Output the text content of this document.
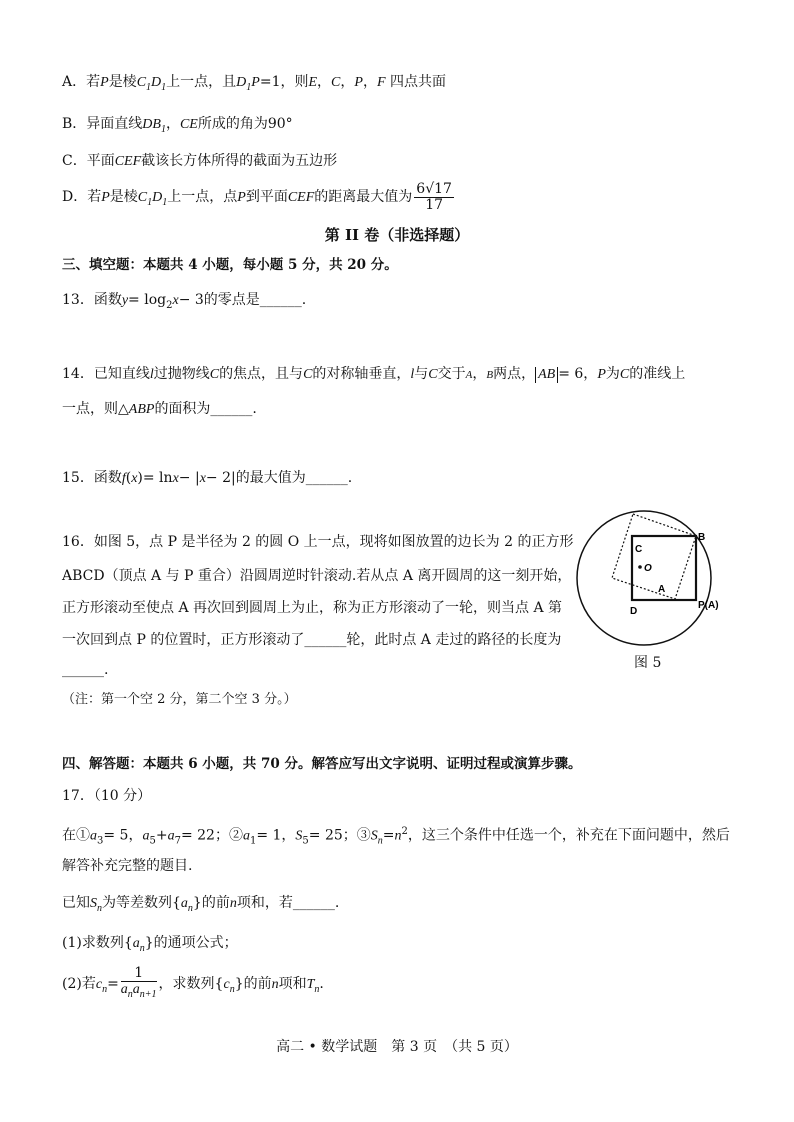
A．若P是棱$C_1D_1$上一点，且$D_1P=1$，则E，C，P，F 四点共面
B．异面直线$DB_1$，CE所成的角为90°
C．平面CEF截该长方体所得的截面为五边形
D．若P是棱$C_1D_1$上一点，点P到平面CEF的距离最大值为 $\frac{6√17}{17}$
第 II 卷（非选择题）
三、填空题：本题共 4 小题，每小题 5 分，共 20 分。
13．函数$y= \log_2x- 3$的零点是______.
14．已知直线l过抛物线C的焦点，且与C的对称轴垂直，l与C交于A，B两点， AB = 6，P为C的准线上
一点，则△ABP的面积为______.
15．函数f(x)= lnx− |x− 2|的最大值为______.
16．如图 5，点 P 是半径为 2 的圆 O 上一点，现将如图放置的边长为 2 的正方形
ABCD（顶点 A 与 P 重合）沿圆周逆时针滚动.若从点 A 离开圆周的这一刻开始，
正方形滚动至使点 A 再次回到圆周上为止，称为正方形滚动了一轮，则当点 A 第
一次回到点 P 的位置时，正方形滚动了______轮，此时点 A 走过的路径的长度为
______.
（注：第一个空 2 分，第二个空 3 分。）
C
O
A
B
D
P(A)
图 5
四、解答题：本题共 6 小题，共 70 分。解答应写出文字说明、证明过程或演算步骤。
17．（10 分）
在$①a_3= 5$，$a_5+a_7= 22$；$②a_1= 1$，$S_5= 25$；$③S_n=n^2$，这三个条件中任选一个，补充在下面问题中，然后
解答补充完整的题目.
已知$S_n$为等差数列$\{a_n\}$的前n项和，若______.
(1)求数列$\{a_n\}$的通项公式；
(2)若$c_n= \frac{1}{a_na_{n+1}}$ ，求数列$\{c_n\}$的前n项和$T_n$.
高二 • 数学试题　第 3 页　（共 5 页）
